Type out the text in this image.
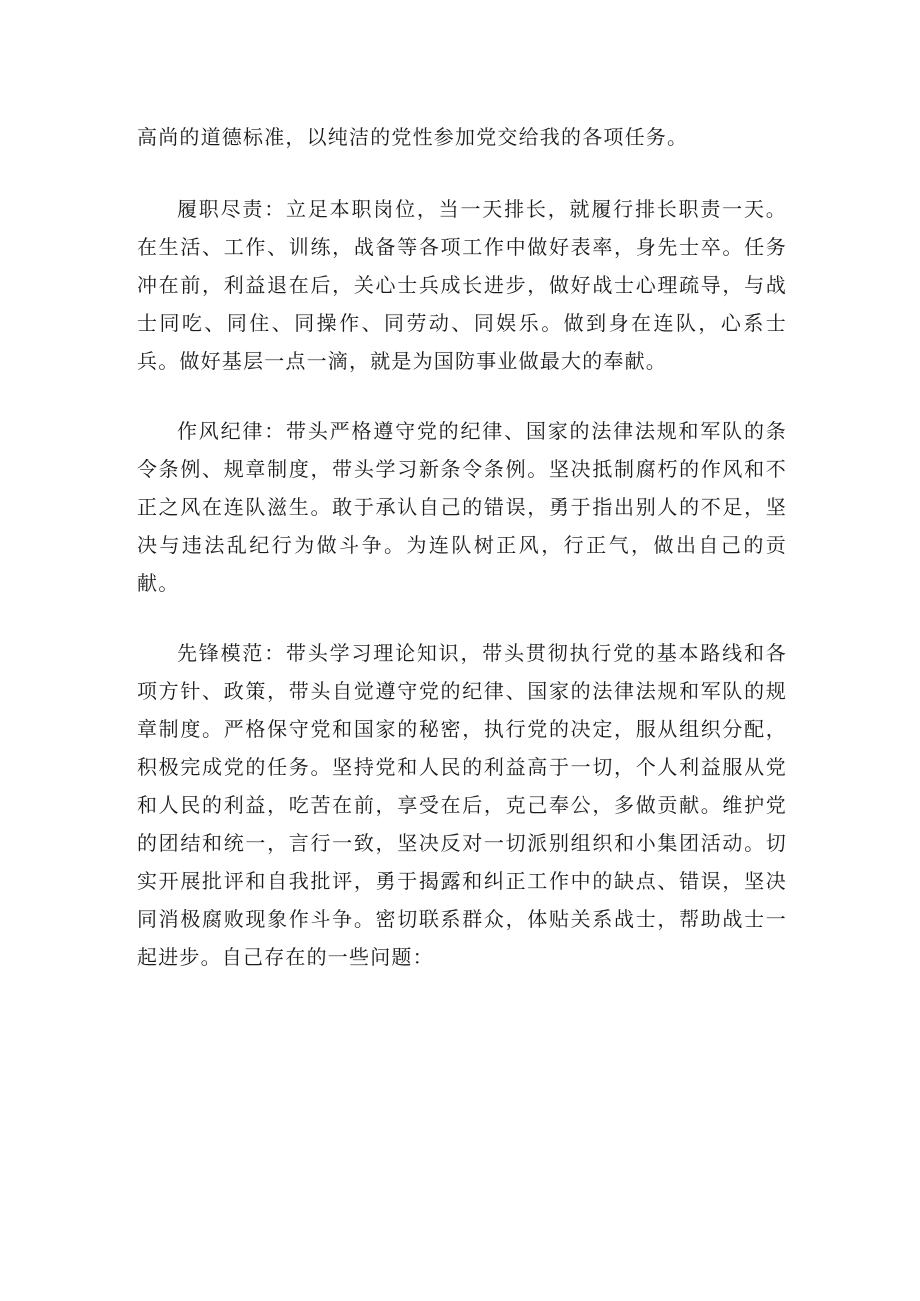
高尚的道德标准，以纯洁的党性参加党交给我的各项任务。

履职尽责：立足本职岗位，当一天排长，就履行排长职责一天。在生活、工作、训练，战备等各项工作中做好表率，身先士卒。任务冲在前，利益退在后，关心士兵成长进步，做好战士心理疏导，与战士同吃、同住、同操作、同劳动、同娱乐。做到身在连队，心系士兵。做好基层一点一滴，就是为国防事业做最大的奉献。

作风纪律：带头严格遵守党的纪律、国家的法律法规和军队的条令条例、规章制度，带头学习新条令条例。坚决抵制腐朽的作风和不正之风在连队滋生。敢于承认自己的错误，勇于指出别人的不足，坚决与违法乱纪行为做斗争。为连队树正风，行正气，做出自己的贡献。

先锋模范：带头学习理论知识，带头贯彻执行党的基本路线和各项方针、政策，带头自觉遵守党的纪律、国家的法律法规和军队的规章制度。严格保守党和国家的秘密，执行党的决定，服从组织分配，积极完成党的任务。坚持党和人民的利益高于一切，个人利益服从党和人民的利益，吃苦在前，享受在后，克己奉公，多做贡献。维护党的团结和统一，言行一致，坚决反对一切派别组织和小集团活动。切实开展批评和自我批评，勇于揭露和纠正工作中的缺点、错误，坚决同消极腐败现象作斗争。密切联系群众，体贴关系战士，帮助战士一起进步。自己存在的一些问题：
